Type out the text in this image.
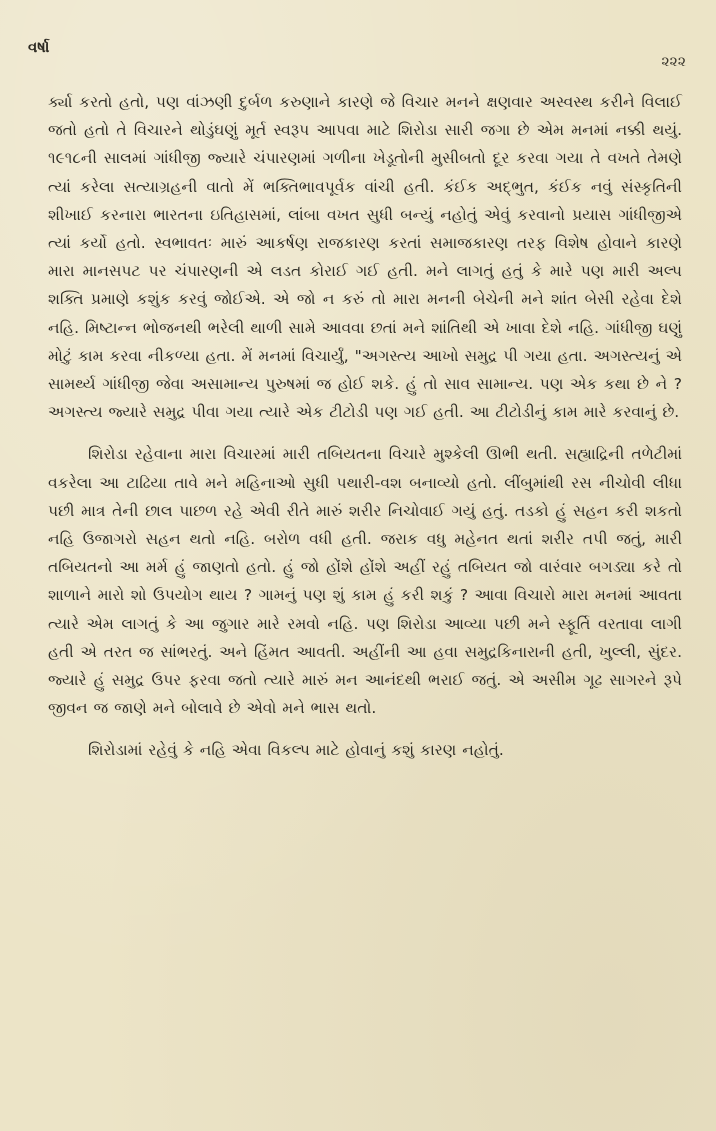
વર્ષા
૨૨૨

ર્ક્યા કરતો હતો, પણ વાંઝણી દુર્બળ કરુણાને કારણે જે વિચાર મનને ક્ષણવાર અસ્વસ્થ કરીને વિલાઈ જતો હતો તે વિચારને થોડુંઘણું મૂર્ત સ્વરૂપ આપવા માટે શિરોડા સારી જગા છે એમ મનમાં નક્કી થયું. ૧૯૧૮ની સાલમાં ગાંધીજી જ્યારે ચંપારણમાં ગળીના ખેડૂતોની મુસીબતો દૂર કરવા ગયા તે વખતે તેમણે ત્યાં કરેલા સત્યાગ્રહની વાતો મેં ભક્તિભાવપૂર્વક વાંચી હતી. કંઈક અદ્ભુત, કંઈક નવું સંસ્કૃતિની શીખાઈ કરનારા ભારતના ઇતિહાસમાં, લાંબા વખત સુધી બન્યું નહોતું એવું કરવાનો પ્રયાસ ગાંધીજીએ ત્યાં કર્યો હતો. સ્વભાવતઃ મારું આકર્ષણ રાજકારણ કરતાં સમાજકારણ તરફ વિશેષ હોવાને કારણે મારા માનસપટ પર ચંપારણની એ લડત કોરાઈ ગઈ હતી. મને લાગતું હતું કે મારે પણ મારી અલ્પ શક્તિ પ્રમાણે કશુંક કરવું જોઈએ. એ જો ન કરું તો મારા મનની બેચેની મને શાંત બેસી રહેવા દેશે નહિ. મિષ્ટાન્ન ભોજનથી ભરેલી થાળી સામે આવવા છતાં મને શાંતિથી એ ખાવા દેશે નહિ. ગાંધીજી ઘણું મોટું કામ કરવા નીકળ્યા હતા. મેં મનમાં વિચાર્યું, "અગસ્ત્ય આખો સમુદ્ર પી ગયા હતા. અગસ્ત્યનું એ સામર્થ્ય ગાંધીજી જેવા અસામાન્ય પુરુષમાં જ હોઈ શકે. હું તો સાવ સામાન્ય. પણ એક કથા છે ને ? અગસ્ત્ય જ્યારે સમુદ્ર પીવા ગયા ત્યારે એક ટીટોડી પણ ગઈ હતી. આ ટીટોડીનું કામ મારે કરવાનું છે.

શિરોડા રહેવાના મારા વિચારમાં મારી તબિયતના વિચારે મુશ્કેલી ઊભી થતી. સહ્યાદ્રિની તળેટીમાં વકરેલા આ ટાઢિયા તાવે મને મહિનાઓ સુધી પથારી-વશ બનાવ્યો હતો. લીંબુમાંથી રસ નીચોવી લીધા પછી માત્ર તેની છાલ પાછળ રહે એવી રીતે મારું શરીર નિચોવાઈ ગયું હતું. તડકો હું સહન કરી શકતો નહિ ઉજાગરો સહન થતો નહિ. બરોળ વધી હતી. જરાક વધુ મહેનત થતાં શરીર તપી જતું, મારી તબિયતનો આ મર્મ હું જાણતો હતો. હું જો હોંશે હોંશે અહીં રહું તબિયત જો વારંવાર બગડ્યા કરે તો શાળાને મારો શો ઉપયોગ થાય ? ગામનું પણ શું કામ હું કરી શકું ? આવા વિચારો મારા મનમાં આવતા ત્યારે એમ લાગતું કે આ જુગાર મારે રમવો નહિ. પણ શિરોડા આવ્યા પછી મને સ્ફૂર્તિ વરતાવા લાગી હતી એ તરત જ સાંભરતું. અને હિંમત આવતી. અહીંની આ હવા સમુદ્રકિનારાની હતી, ખુલ્લી, સુંદર. જ્યારે હું સમુદ્ર ઉપર ફરવા જતો ત્યારે મારું મન આનંદથી ભરાઈ જતું. એ અસીમ ગૂઢ સાગરને રૂપે જીવન જ જાણે મને બોલાવે છે એવો મને ભાસ થતો.

શિરોડામાં રહેવું કે નહિ એવા વિકલ્પ માટે હોવાનું કશું કારણ નહોતું.
